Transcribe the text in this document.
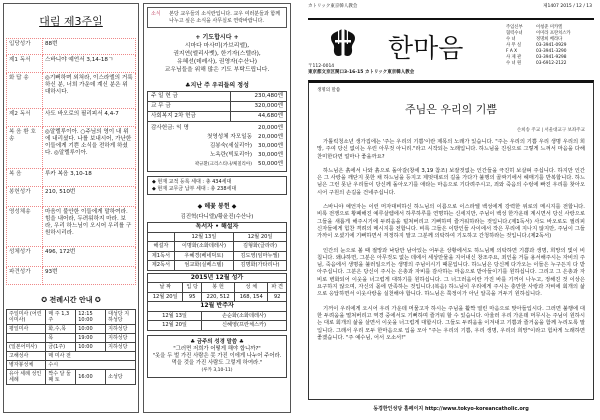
대림 제3주일
입당성가	88번
제1 독서	스바니야 예언서 3,14-18ㄱ
화 답 송	◎기뻐하며 외쳐라, 이스라엘의 거룩하신 분, 너희 가운데 계신 분은 위대하시다.
제2 독서	사도 바오로의 필리피서 4,4-7
복 음 환 호 송	◎알렐루이아. ○주님의 영이 내 위에 내리셨다. 나를 보내시어, 가난한 이들에게 기쁜 소식을 전하게 하셨다. ◎알렐루이아.
복 음	루카 복음 3,10-18
봉헌성가	210, 510번
영성체송	마음이 불안한 이들에게 말하여라. 힘을 내어라, 두려워하지 마라. 보라, 우리 하느님이 오시어 우리를 구원하시리라.
성체성가	496, 172번
파견성가	93번
✪ 전례시간 안내 ✪
주일미사 (어린이미사)	매 주 1,3주	12:15 10:00	대성당 지하성당
평일미사	화,수,목	10:00	지하성당
	목	19:00	지하성당
(일본어미사)	금(1주)	10:00	지하성당
고해성사	매 미사 전		
병자봉성체	수시		
유아 세례 성인 세례	짝수 달 둘째 토	16:00	소성당
소식	본당 교우들의 소식란입니다. 교우 여러분들과 함께 나누고 싶은 소식을 사무실로 연락바랍니다.
+ 기도합시다 +
시마다 마사미(가브리엘),
권지연(엘리사벳), 한기자(스텔라),
유혜선(데레사), 권영자(수산나)
교우님들을 위해 많은 기도 부탁드립니다.
♣지난 주 우리들의 정성
주 일 헌 금	230,480엔
교 무 금	320,000엔
사회복지 2차 헌금	44,680엔

감사헌금: 익 명	20,000엔
첫영성체 자모일동 20,000엔
김봉숙(세실리아) 30,000엔
노옥란(빅토리아) 30,000엔
곽규환(크리스티나/체칠리아) 50,000엔
◆ 현재 교적 등록 세대 : 총 434세대
◆ 현재 교무금 납부 세대 : 총 238세대
◆ 헤꽃 봉헌 ◆
김진혁(다니엘)/황윤진(수산나)
독서자 • 해설자		
	12월 13일	12월 20일
해설자	이명화(소화데레사)	김형화(글라라)
제1독서	우혜경(베네딕토)	김도영(임마누엘)
제2독서	엄교화(실베스텔)	김명화(가타리나)
2015년 12월 성가				
날 짜	입 당	봉 헌	성 체	파 견
12월 20일	95	220, 512	168, 154	92
12월 반주자				
12월 13일		손순화(소화데레사)		
12월 20일		신혜영(프란체스카)		
♣ 금주의 성경 말씀 ♣
"그러면 저희가 어떻게 해야 합니까?"
"옷을 두 벌 가진 사람은 못 가진 이에게 나누어 주어라. 먹을 것을 가진 사람도 그렇게 하여라."
(루카 3,10-11)
カトリック東京韓人教会	제1407 2015 / 12 / 13
한마음
〒112-0014
東京都文京区関口3-16-15 カトリック東京韓人教会
주임신부	이청준 미카엘
협력수녀	이미라 프란치스카
수 녀	정명희 베라다
사 무 실	03-3941-0929
F A X	03-3941-3290
사 제 관	03-3941-9298
수 녀 원	03-6912-2122
생명의 말씀
주님은 우리의 기쁨
손희송 주교 | 서울대교구 보좌주교

가톨릭청소년 생가집에는 '주는 우리의 기쁨'이란 제목의 노래가 있습니다. "주는 우리의 기쁨 우리 생명 우리의 희망, 주여 당신 없이는 우린 아무것 아니리."라고 시작되는 노래입니다. 하느님을 진심으로 그렇게 느껴서 마음을 다해 찬미한다면 얼마나 좋을까요?

하느님은 흙에서 나와 흙으로 돌아갈(창세 3,19 참조) 보잘것없는 인간들을 극진히 보살펴 주십니다. 하지만 인간은 그 사랑을 깨닫지 못한 채 하느님을 등지고 제멋대로의 길을 가다가 불행의 골짜기에서 헤매기를 반복합니다. 하느님은 그런 못난 우리들이 당신께 돌아오기를 애타는 마음으로 기다려주시고, 죄와 죽음의 수렁에 빠진 우리를 찾아오시어 구원의 손길을 건네주십니다.

스바니야 예언자는 이런 머자대비하신 하느님의 이름으로 이스라엘 백성에게 강력한 위로의 메시지를 전합니다. 비록 전쟁으로 황폐해진 예루살렘에서 하루하루를 연명하는 신세지만, 주님이 백성 한가운데 계시면서 당신 사랑으로 그들을 새롭게 해주시기에 두려움을 털쳐버리고 기뻐하며 즐거워하라는 것입니다.(제1독서) 사도 바오로도 필리피 신자들에게 힘찬 격려의 메시지를 전합니다. 비록 그들은 이방인들 사이에서 작은 무리에 지나지 않지만, 주님이 그들 가까이 오셨기에 기뻐하면서 걱정하지 말고 그분께 의탁하여 기도하고 간청하라는 것입니다.(제2독서)

인간의 눈으로 볼 때 절망과 낙담만 남아있는 어두운 상황에서도 하느님께 의탁하면 기쁨과 생명, 희망의 빛이 비칩니다. 왜냐하면, 그분은 아무것도 없는 데에서 세상만물을 지어내신 창조주요, 죄인을 거듭 용서해주시는 자비의 주님, 죽음에서 생명을 불러일으키는 생명의 주님이시기 때문입니다. 하느님은 당신께 다가오는 이들은 누구든지 다 받아주십니다. 그분은 당신이 주시는 은총과 자비를 감사하는 마음으로 받아들이기를 원하십니다. 그리고 그 은총과 자비로 변화되어 이웃을 너그럽게 대하기를 원하십니다. 그 너그러움이란 가진 바를 기꺼이 나누고, 정해진 것 이상은 요구하지 않으며, 자신의 몫에 만족하는 것입니다.(복음) 하느님이 우리에게 주시는 충만한 사랑과 자비에 회개의 삶으로 응답하면서 이웃사랑을 실천해야 합니다. 하느님은 쭉정이가 아닌 알곡을 거두기 원하십니다.

기꺼이 우리에게 오시어 우리 가운데 머물고자 하시는 주님을 활짝 열린 마음으로 맞아들입시다. 그러면 불행에 대한 두려움을 떨쳐버리고 역경 중에서도 기뻐하며 즐거워 할 수 있습니다. 아울러 우리 가운데 머무시는 주님이 원하시는 대로 회개의 삶을 살면서 이웃을 너그럽게 대합시다. 그들도 두려움을 이겨내고 기쁨과 즐거움을 함께 누리도록 말입니다. 그래서 우리 모두 한마음으로 입을 모아 "주는 우리의 기쁨, 우리 생명, 우리의 희망"이라고 힘차게 노래하면 좋겠습니다. "주 예수님, 어서 오소서!"

동경한인성당 홈페이지 http://www.tokyo-koreancatholic.org
